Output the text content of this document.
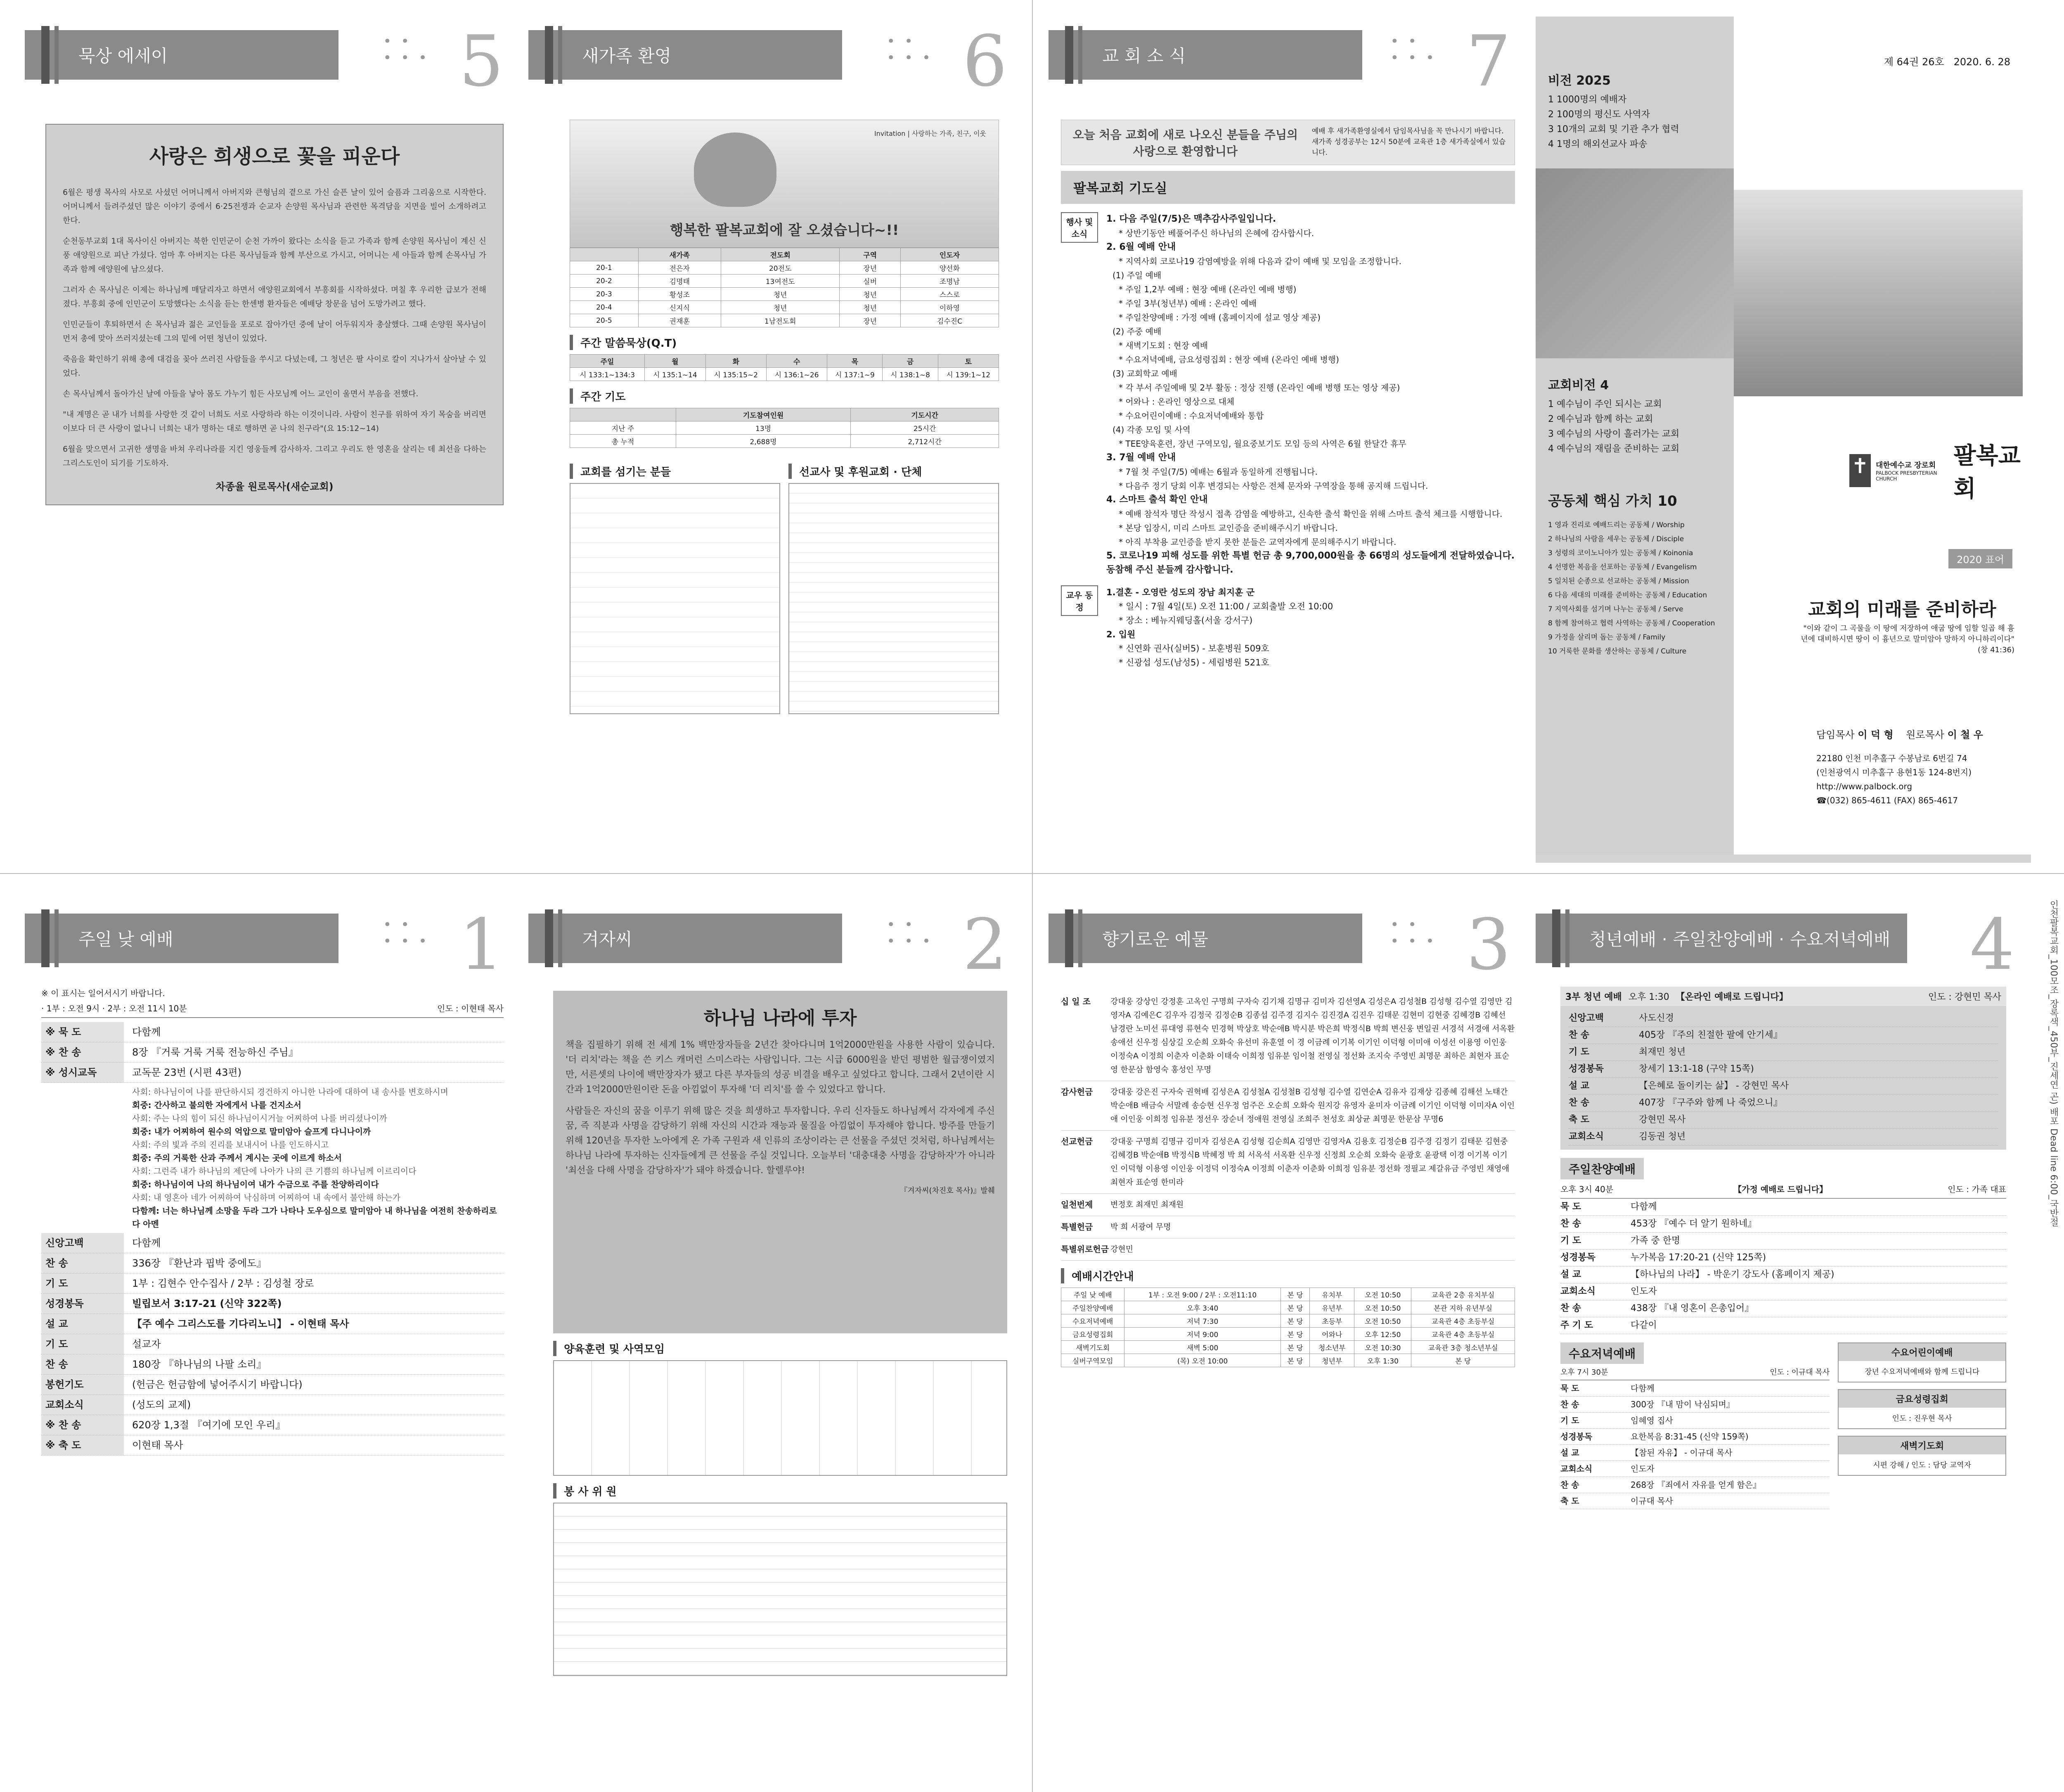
묵상 에세이
• •
• • • 5
사랑은 희생으로 꽃을 피운다

6월은 평생 목사의 사모로 사셨던 어머니께서 아버지와 큰형님의 곁으로 가신 슬픈 날이 있어 슬픔과 그리움으로 시작한다. 어머니께서 들려주셨던 많은 이야기 중에서 6·25전쟁과 순교자 손양원 목사님과 관련한 목격담을 지면을 빌어 소개하려고 한다.

순천동부교회 1대 목사이신 아버지는 북한 인민군이 순천 가까이 왔다는 소식을 듣고 가족과 함께 손양원 목사님이 계신 신풍 애양원으로 피난 가셨다. 엄마 후 아버지는 다른 목사님들과 함께 부산으로 가시고, 어머니는 세 아들과 함께 손목사님 가족과 함께 애양원에 남으셨다.

그러자 손 목사님은 이제는 하나님께 매달리자고 하면서 애양원교회에서 부흥회를 시작하셨다. 며칠 후 우리한 급보가 전해졌다. 부흥회 중에 인민군이 도망했다는 소식을 듣는 한센병 환자들은 예배당 창문을 넘어 도망가려고 했다.

인민군들이 후퇴하면서 손 목사님과 젊은 교인들을 포로로 잡아가던 중에 날이 어두워지자 총살했다. 그때 손양원 목사님이 먼저 총에 맞아 쓰러지셨는데 그의 밑에 어떤 청년이 있었다.

죽음을 확인하기 위해 총에 대검을 꽂아 쓰러진 사람들을 쑤시고 다녔는데, 그 청년은 팔 사이로 칼이 지나가서 살아날 수 있었다.

손 목사님께서 돌아가신 날에 아들을 낳아 몸도 가누기 힘든 사모님께 어느 교인이 울면서 부음을 전했다.

"내 계명은 곧 내가 너희를 사랑한 것 같이 너희도 서로 사랑하라 하는 이것이니라. 사람이 친구를 위하여 자기 목숨을 버리면 이보다 더 큰 사랑이 없나니 너희는 내가 명하는 대로 행하면 곧 나의 친구라"(요 15:12~14)

6월을 맞으면서 고귀한 생명을 바쳐 우리나라를 지킨 영웅들께 감사하자. 그리고 우리도 한 영혼을 살리는 데 최선을 다하는 그리스도인이 되기를 기도하자.

차종율 원로목사(새순교회)

새가족 환영
• •
• • • 6
Invitation | 사랑하는 가족, 친구, 이웃
행복한 팔복교회에 잘 오셨습니다~!!
	새가족	전도회	구역	인도자
20-1	전은자	20전도	장년	양선화
20-2	김명태	13여전도	실버	조명남
20-3	황성조	청년	청년	스스로
20-4	신지식	청년	청년	이하영
20-5	권재훈	1남전도회	장년	김수진C
주간 말씀묵상(Q.T)
주일	월	화	수	목	금	토
시 133:1~134:3	시 135:1~14	시 135:15~2	시 136:1~26	시 137:1~9	시 138:1~8	시 139:1~12
주간 기도
	기도참여인원	기도시간
지난 주	13명	25시간
총 누적	2,688명	2,712시간
교회를 섬기는 분들	선교사 및 후원교회 · 단체
교 회 소 식
• •
• • • 7
오늘 처음 교회에 새로 나오신 분들을 주님의 사랑으로 환영합니다
예배 후 새가족환영실에서 담임목사님을 꼭 만나시기 바랍니다.
새가족 성경공부는 12시 50분에 교육관 1층 새가족실에서 있습니다.
팔복교회 기도실
행사 및 소식
1. 다음 주일(7/5)은 맥추감사주일입니다.
* 상반기동안 베풀어주신 하나님의 은혜에 감사합시다.
2. 6월 예배 안내
* 지역사회 코로나19 감염예방을 위해 다음과 같이 예배 및 모임을 조정합니다.
(1) 주일 예배
* 주일 1,2부 예배 : 현장 예배 (온라인 예배 병행)
* 주일 3부(청년부) 예배 : 온라인 예배
* 주일찬양예배 : 가정 예배 (홈페이지에 설교 영상 제공)
(2) 주중 예배
* 새벽기도회 : 현장 예배
* 수요저녁예배, 금요성령집회 : 현장 예배 (온라인 예배 병행)
(3) 교회학교 예배
* 각 부서 주일예배 및 2부 활동 : 정상 진행 (온라인 예배 병행 또는 영상 제공)
* 어와나 : 온라인 영상으로 대체
* 수요어린이예배 : 수요저녁예배와 통합
(4) 각종 모임 및 사역
* TEE양육훈련, 장년 구역모임, 월요중보기도 모임 등의 사역은 6월 한달간 휴무
3. 7월 예배 안내
* 7월 첫 주일(7/5) 예배는 6월과 동일하게 진행됩니다.
* 다음주 정기 당회 이후 변경되는 사항은 전체 문자와 구역장을 통해 공지해 드립니다.
4. 스마트 출석 확인 안내
* 예배 참석자 명단 작성시 접촉 감염을 예방하고, 신속한 출석 확인을 위해 스마트 출석 체크를 시행합니다.
* 본당 입장시, 미리 스마트 교인증을 준비해주시기 바랍니다.
* 아직 부착용 교인증을 받지 못한 분들은 교역자에게 문의해주시기 바랍니다.
5. 코로나19 피해 성도를 위한 특별 헌금 총 9,700,000원을 총 66명의 성도들에게 전달하였습니다. 동참해 주신 분들께 감사합니다.
교우 동정
1.결혼 - 오영란 성도의 장남 최지훈 군
* 일시 : 7월 4일(토) 오전 11:00 / 교회출발 오전 10:00
* 장소 : 베뉴지웨딩홀(서울 강서구)
2. 입원
* 신연화 권사(실버5) - 보훈병원 509호
* 신광섭 성도(남성5) - 세림병원 521호
비전 2025
1 1000명의 예배자
2 100명의 평신도 사역자
3 10개의 교회 및 기관 추가 협력
4 1명의 해외선교사 파송
교회비전 4
1 예수님이 주인 되시는 교회
2 예수님과 함께 하는 교회
3 예수님의 사랑이 흘러가는 교회
4 예수님의 재림을 준비하는 교회
공동체 핵심 가치 10
1 영과 진리로 예배드리는 공동체 / Worship
2 하나님의 사람을 세우는 공동체 / Disciple
3 성령의 코이노니아가 있는 공동체 / Koinonia
4 선명한 복음을 선포하는 공동체 / Evangelism
5 일치된 순종으로 선교하는 공동체 / Mission
6 다음 세대의 미래를 준비하는 공동체 / Education
7 지역사회를 섬기며 나누는 공동체 / Serve
8 함께 참여하고 협력 사역하는 공동체 / Cooperation
9 가정을 살리며 돕는 공동체 / Family
10 거룩한 문화를 생산하는 공동체 / Culture
제 64권 26호 2020. 6. 28
✝ 대한예수교 장로회
PALBOCK PRESBYTERIAN CHURCH
팔복교회
2020 표어
교회의 미래를 준비하라
"이와 같이 그 곡물을 이 땅에 저장하여 애굽 땅에 임할 일곱 해 흉년에 대비하시면 땅이 이 흉년으로 말미암아 망하지 아니하리이다" (창 41:36)
담임목사 이 덕 형 원로목사 이 철 우
22180 인천 미추홀구 수봉남로 6번길 74
(인천광역시 미추홀구 용현1동 124-8번지)
http://www.palbock.org
☎(032) 865-4611 (FAX) 865-4617
주일 낮 예배
• •
• • • 1
※ 이 표시는 일어서시기 바랍니다.
· 1부 : 오전 9시 · 2부 : 오전 11시 10분	인도 : 이현태 목사
※ 묵 도	다함께
※ 찬 송	8장 『거룩 거룩 거룩 전능하신 주님』
※ 성시교독	교독문 23번 (시편 43편)
사회: 하나님이여 나를 판단하시되 경건하지 아니한 나라에 대하여 내 송사를 변호하시며
회중: 간사하고 불의한 자에게서 나를 건지소서
사회: 주는 나의 힘이 되신 하나님이시거늘 어찌하여 나를 버리셨나이까
회중: 내가 어찌하여 원수의 억압으로 말미암아 슬프게 다니나이까
사회: 주의 빛과 주의 진리를 보내시어 나를 인도하시고
회중: 주의 거룩한 산과 주께서 계시는 곳에 이르게 하소서
사회: 그런즉 내가 하나님의 제단에 나아가 나의 큰 기쁨의 하나님께 이르리이다
회중: 하나님이여 나의 하나님이여 내가 수금으로 주를 찬양하리이다
사회: 내 영혼아 네가 어찌하여 낙심하며 어찌하여 내 속에서 불안해 하는가
다함께: 너는 하나님께 소망을 두라 그가 나타나 도우심으로 말미암아 내 하나님을 여전히 찬송하리로다 아멘
신앙고백	다함께
찬 송	336장 『환난과 핍박 중에도』
기 도	1부 : 김현수 안수집사 / 2부 : 김성철 장로
성경봉독	빌립보서 3:17-21 (신약 322쪽)
설 교	【주 예수 그리스도를 기다리노니】 - 이현태 목사
기 도	설교자
찬 송	180장 『하나님의 나팔 소리』
봉헌기도	(헌금은 헌금함에 넣어주시기 바랍니다)
교회소식	(성도의 교제)
※ 찬 송	620장 1,3절 『여기에 모인 우리』
※ 축 도	이현태 목사
겨자씨
• •
• • • 2
하나님 나라에 투자

책을 집필하기 위해 전 세계 1% 백만장자들을 2년간 찾아다니며 1억2000만원을 사용한 사람이 있습니다. '더 리치'라는 책을 쓴 키스 캐머런 스미스라는 사람입니다. 그는 시급 6000원을 받던 평범한 월급쟁이였지만, 서른셋의 나이에 백만장자가 됐고 다른 부자들의 성공 비결을 배우고 싶었다고 합니다. 그래서 2년이란 시간과 1억2000만원이란 돈을 아낌없이 투자해 '더 리치'를 쓸 수 있었다고 합니다.

사람들은 자신의 꿈을 이루기 위해 많은 것을 희생하고 투자합니다. 우리 신자들도 하나님께서 각자에게 주신 꿈, 즉 직분과 사명을 감당하기 위해 자신의 시간과 재능과 물질을 아낌없이 투자해야 합니다. 방주를 만들기 위해 120년을 투자한 노아에게 온 가족 구원과 새 인류의 조상이라는 큰 선물을 주셨던 것처럼, 하나님께서는 하나님 나라에 투자하는 신자들에게 큰 선물을 주실 것입니다. 오늘부터 '대충대충 사명을 감당하자'가 아니라 '최선을 다해 사명을 감당하자'가 돼야 하겠습니다. 할렐루야!

『겨자씨(차진호 목사)』발췌
양육훈련 및 사역모임
봉 사 위 원
향기로운 예물
• •
• • • 3
십 일 조	강대웅 강상인 강정훈 고옥인 구명희 구자숙 김기채 김명규 김미자 김선영A 김성은A 김성철B 김성형 김수열 김영만 김영자A 김예은C 김우자 김정국 김정순B 김종섭 김주경 김지수 김진경A 김진우 김태문 김현미 김현중 김혜경B 김혜선 남경란 노미선 류대영 류현숙 민경혁 박상호 박순애B 박시분 박은희 박정식B 박희 변신웅 변일권 서경석 서경애 서옥환 송애선 신우정 심상길 오순희 오화숙 유선미 유훈열 이 경 이금례 이기복 이기인 이덕형 이미애 이성선 이용영 이인웅 이정숙A 이정희 이춘자 이춘화 이태숙 이희정 임유분 임이철 전영실 정선화 조지숙 주영빈 최명문 최하은 최현자 표순영 한문삼 함영숙 홍성인 무명
감사헌금	강대웅 강은진 구자숙 권혁배 김성은A 김성철A 김성철B 김성형 김수열 김연순A 김유자 김재상 김종혜 김해선 노태간 박순애B 배금숙 서말례 송승현 신우정 엄주은 오순희 오화숙 원지강 유영자 윤미자 이금례 이기인 이덕형 이미자A 이인애 이인웅 이희정 임유분 정선우 장순녀 정애원 전영실 조희주 천성호 최상균 최명문 한문삼 무명6
선교헌금	강대웅 구명희 김명규 김미자 김성은A 김성형 김순희A 김영만 김영자A 김용호 김정순B 김주경 김정기 김태문 김현중 김혜경B 박순애B 박정식B 박혜정 박 희 서옥석 서옥환 신우정 신정희 오순희 오화숙 윤광호 윤광택 이경 이기복 이기인 이덕형 이용영 이인웅 이정덕 이정숙A 이정희 이춘자 이춘화 이희정 임유분 정선화 정필교 제갈유금 주영빈 채영애 최현자 표순영 한미라
일천번제	변정호 최재민 최재원
특별헌금	박 희 서광여 무명
특별위로헌금 강현민
예배시간안내
주일 낮 예배	1부 : 오전 9:00 / 2부 : 오전11:10	본 당	유치부	오전 10:50	교육관 2층 유치부실
주일찬양예배	오후 3:40	본 당	유년부	오전 10:50	본관 지하 유년부실
수요저녁예배	저녁 7:30	본 당	초등부	오전 10:50	교육관 4층 초등부실
금요성령집회	저녁 9:00	본 당	어와나	오후 12:50	교육관 4층 초등부실
새벽기도회	새벽 5:00	본 당	청소년부	오전 10:30	교육관 3층 청소년부실
실버구역모임	(목) 오전 10:00	본 당	청년부	오후 1:30	본 당
청년예배 · 주일찬양예배 · 수요저녁예배 4
3부 청년 예배 오후 1:30 【온라인 예배로 드립니다】	인도 : 강현민 목사
신앙고백	사도신경
찬 송	405장 『주의 친절한 팔에 안기세』
기 도	최재민 청년
성경봉독	창세기 13:1-18 (구약 15쪽)
설 교	【은혜로 돌이키는 삶】 - 강현민 목사
찬 송	407장 『구주와 함께 나 죽었으니』
축 도	강현민 목사
교회소식	김동권 청년
주일찬양예배
오후 3시 40분	【가정 예배로 드립니다】	인도 : 가족 대표
묵 도	다함께
찬 송	453장 『예수 더 알기 원하네』
기 도	가족 중 한명
성경봉독	누가복음 17:20-21 (신약 125쪽)
설 교	【하나님의 나라】 - 박운기 강도사 (홈페이지 제공)
교회소식	인도자
찬 송	438장 『내 영혼이 은총입어』
주 기 도	다같이
수요저녁예배
오후 7시 30분	인도 : 이규대 목사
묵 도	다함께
찬 송	300장 『내 맘이 낙심되며』
기 도	임혜영 집사
성경봉독	요한복음 8:31-45 (신약 159쪽)
설 교	【참된 자유】 - 이규대 목사
교회소식	인도자
찬 송	268장 『죄에서 자유를 얻게 함은』
축 도	이규대 목사
수요어린이예배
장년 수요저녁예배와 함께 드립니다
금요성령집회
인도 : 진우현 목사
새벽기도회
시편 강해 / 인도 : 담당 교역자
인천팔복교회_100모조_장록색_450부_진세연 곤) 배포 Dead line 6:00_국반절
